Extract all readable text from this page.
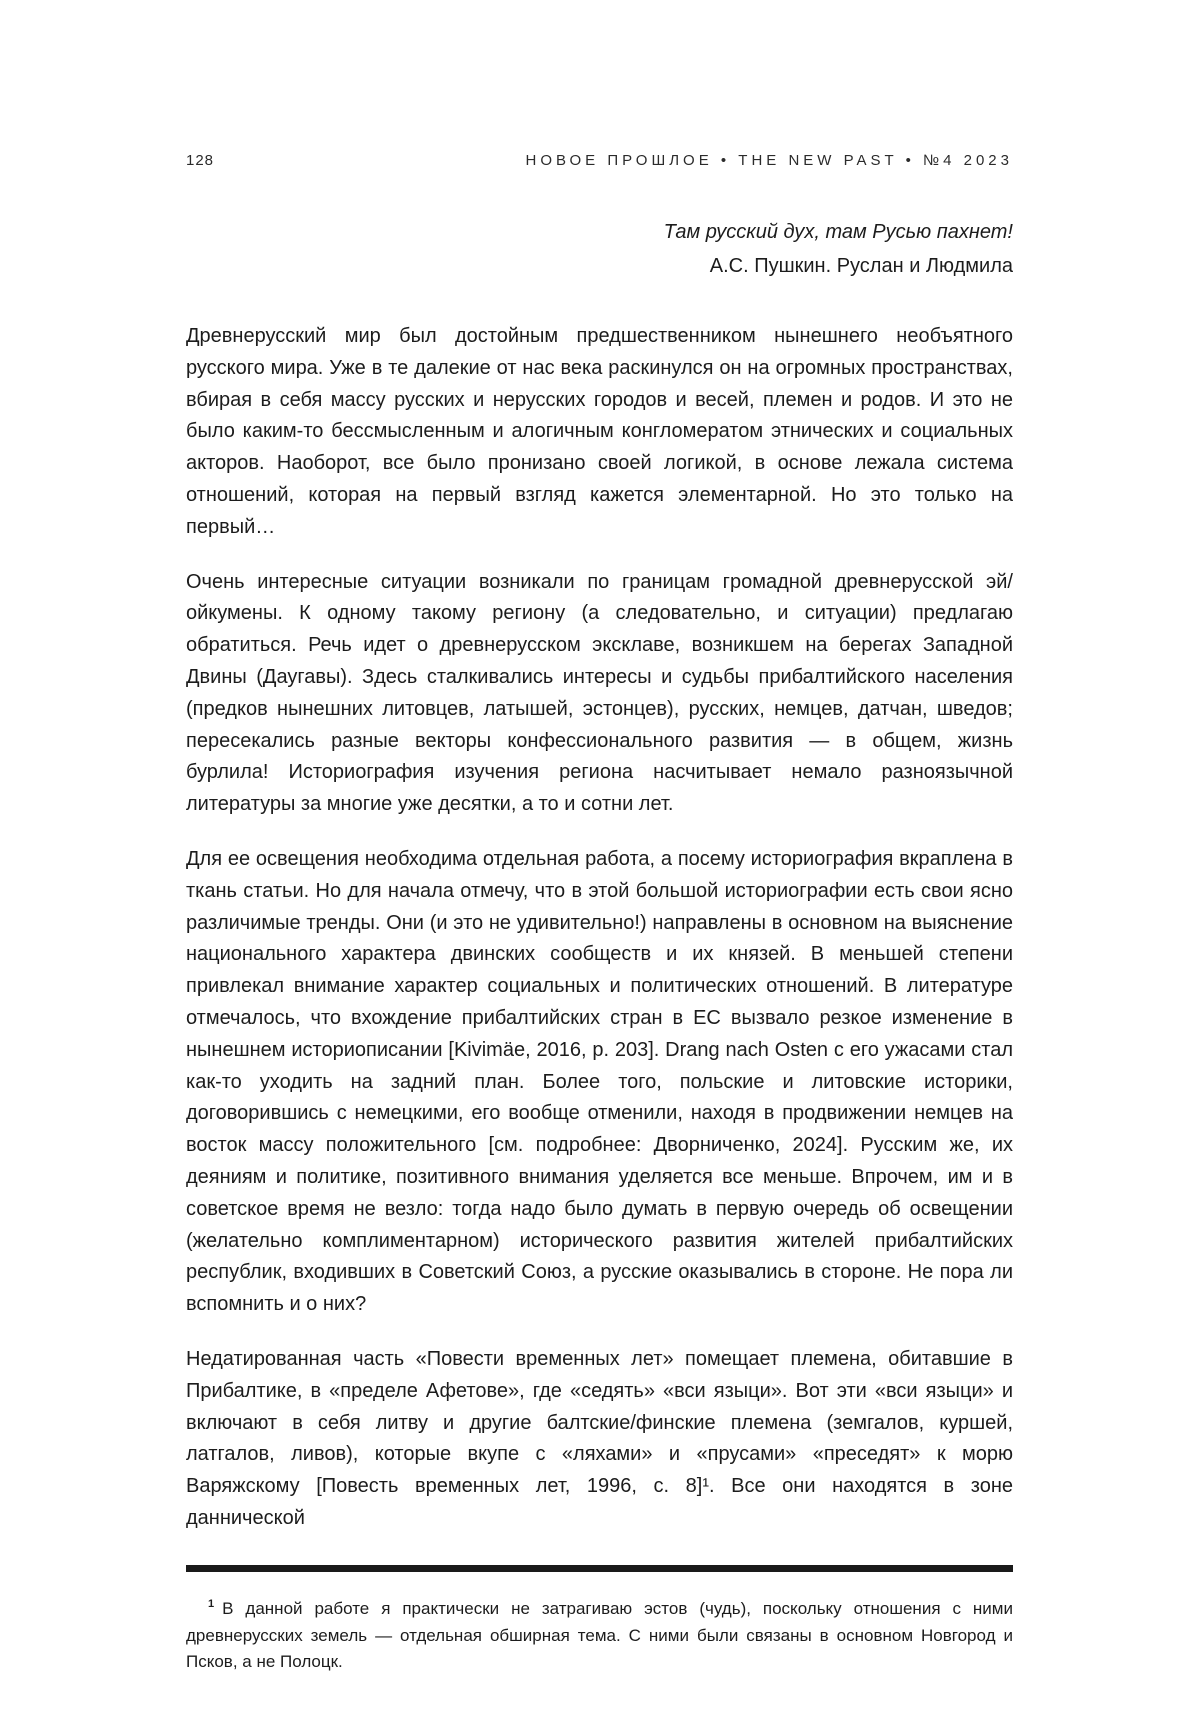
128	НОВОЕ ПРОШЛОЕ • THE NEW PAST • №4 2023
Там русский дух, там Русью пахнет!
А.С. Пушкин. Руслан и Людмила

Древнерусский мир был достойным предшественником нынешнего необъятного русского мира. Уже в те далекие от нас века раскинулся он на огромных пространствах, вбирая в себя массу русских и нерусских городов и весей, племен и родов. И это не было каким-то бессмысленным и алогичным конгломератом этнических и социальных акторов. Наоборот, все было пронизано своей логикой, в основе лежала система отношений, которая на первый взгляд кажется элементарной. Но это только на первый…

Очень интересные ситуации возникали по границам громадной древнерусской эй/ойкумены. К одному такому региону (а следовательно, и ситуации) предлагаю обратиться. Речь идет о древнерусском эксклаве, возникшем на берегах Западной Двины (Даугавы). Здесь сталкивались интересы и судьбы прибалтийского населения (предков нынешних литовцев, латышей, эстонцев), русских, немцев, датчан, шведов; пересекались разные векторы конфессионального развития — в общем, жизнь бурлила! Историография изучения региона насчитывает немало разноязычной литературы за многие уже десятки, а то и сотни лет.

Для ее освещения необходима отдельная работа, а посему историография вкраплена в ткань статьи. Но для начала отмечу, что в этой большой историографии есть свои ясно различимые тренды. Они (и это не удивительно!) направлены в основном на выяснение национального характера двинских сообществ и их князей. В меньшей степени привлекал внимание характер социальных и политических отношений. В литературе отмечалось, что вхождение прибалтийских стран в ЕС вызвало резкое изменение в нынешнем историописании [Kivimäe, 2016, p. 203]. Drang nach Osten с его ужасами стал как-то уходить на задний план. Более того, польские и литовские историки, договорившись с немецкими, его вообще отменили, находя в продвижении немцев на восток массу положительного [см. подробнее: Дворниченко, 2024]. Русским же, их деяниям и политике, позитивного внимания уделяется все меньше. Впрочем, им и в советское время не везло: тогда надо было думать в первую очередь об освещении (желательно комплиментарном) исторического развития жителей прибалтийских республик, входивших в Советский Союз, а русские оказывались в стороне. Не пора ли вспомнить и о них?

Недатированная часть «Повести временных лет» помещает племена, обитавшие в Прибалтике, в «пределе Афетове», где «седять» «вси языци». Вот эти «вси языци» и включают в себя литву и другие балтские/финские племена (земгалов, куршей, латгалов, ливов), которые вкупе с «ляхами» и «прусами» «преседят» к морю Варяжскому [Повесть временных лет, 1996, с. 8]¹. Все они находятся в зоне даннической

$^1$ В данной работе я практически не затрагиваю эстов (чудь), поскольку отношения с ними древнерусских земель — отдельная обширная тема. С ними были связаны в основном Новгород и Псков, а не Полоцк.
